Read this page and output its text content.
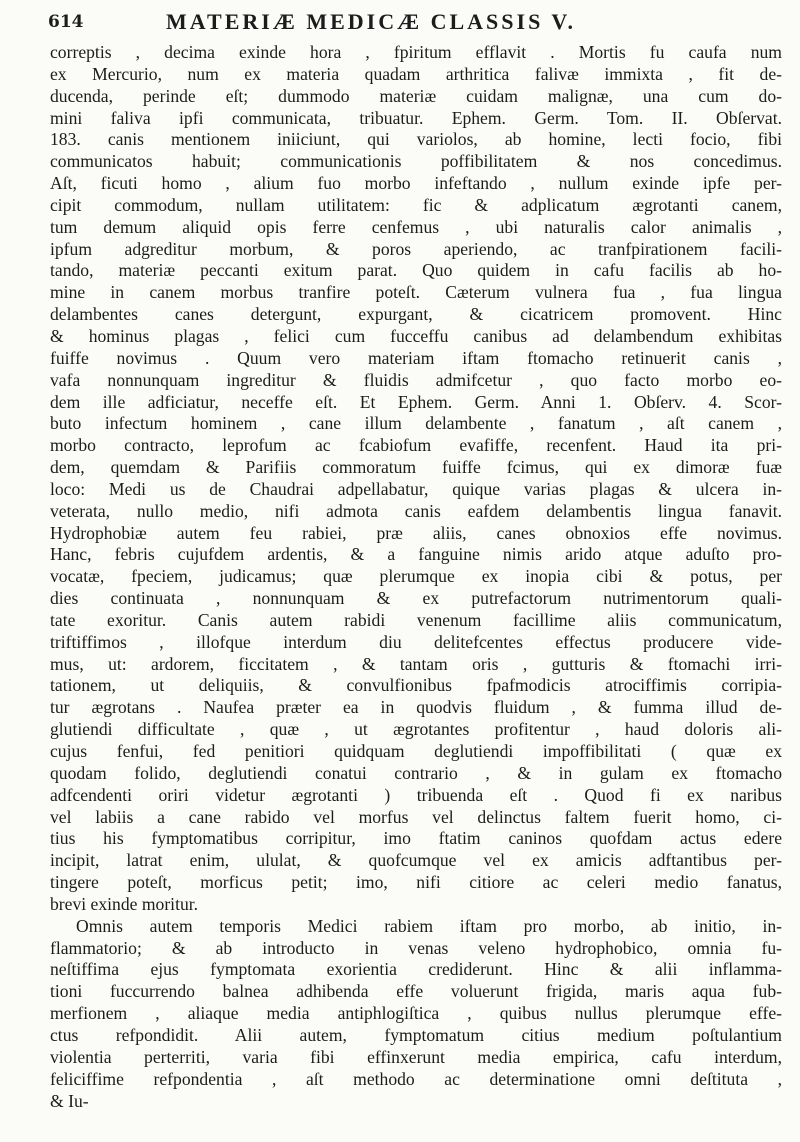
614	MATERIÆ MEDICÆ CLASSIS V.
correptis , decima exinde hora , fpiritum efflavit . Mortis fu caufa num
ex Mercurio, num ex materia quadam arthritica falivæ immixta , fit de-
ducenda, perinde eſt; dummodo materiæ cuidam malignæ, una cum do-
mini faliva ipfi communicata, tribuatur. Ephem. Germ. Tom. II. Obſervat.
183. canis mentionem iniiciunt, qui variolos, ab homine, lecti focio, fibi
communicatos habuit; communicationis poffibilitatem & nos concedimus.
Aſt, ficuti homo , alium fuo morbo infeftando , nullum exinde ipfe per-
cipit commodum, nullam utilitatem: fic & adplicatum ægrotanti canem,
tum demum aliquid opis ferre cenfemus , ubi naturalis calor animalis ,
ipfum adgreditur morbum, & poros aperiendo, ac tranfpirationem facili-
tando, materiæ peccanti exitum parat. Quo quidem in cafu facilis ab ho-
mine in canem morbus tranfire poteſt. Cæterum vulnera fua , fua lingua
delambentes canes detergunt, expurgant, & cicatricem promovent. Hinc
& hominus plagas , felici cum fucceffu canibus ad delambendum exhibitas
fuiffe novimus . Quum vero materiam iftam ftomacho retinuerit canis ,
vafa nonnunquam ingreditur & fluidis admifcetur , quo facto morbo eo-
dem ille adficiatur, neceffe eſt. Et Ephem. Germ. Anni 1. Obſerv. 4. Scor-
buto infectum hominem , cane illum delambente , fanatum , aſt canem ,
morbo contracto, leprofum ac fcabiofum evafiffe, recenfent. Haud ita pri-
dem, quemdam & Parifiis commoratum fuiffe fcimus, qui ex dimoræ fuæ
loco: Medi us de Chaudrai adpellabatur, quique varias plagas & ulcera in-
veterata, nullo medio, nifi admota canis eafdem delambentis lingua fanavit.
Hydrophobiæ autem feu rabiei, præ aliis, canes obnoxios effe novimus.
Hanc, febris cujufdem ardentis, & a fanguine nimis arido atque aduſto pro-
vocatæ, fpeciem, judicamus; quæ plerumque ex inopia cibi & potus, per
dies continuata , nonnunquam & ex putrefactorum nutrimentorum quali-
tate exoritur. Canis autem rabidi venenum facillime aliis communicatum,
triftiffimos , illofque interdum diu delitefcentes effectus producere vide-
mus, ut: ardorem, ficcitatem , & tantam oris , gutturis & ftomachi irri-
tationem, ut deliquiis, & convulfionibus fpafmodicis atrociffimis corripia-
tur ægrotans . Naufea præter ea in quodvis fluidum , & fumma illud de-
glutiendi difficultate , quæ , ut ægrotantes profitentur , haud doloris ali-
cujus fenfui, fed penitiori quidquam deglutiendi impoffibilitati ( quæ ex
quodam folido, deglutiendi conatui contrario , & in gulam ex ftomacho
adfcendenti oriri videtur ægrotanti ) tribuenda eſt . Quod fi ex naribus
vel labiis a cane rabido vel morfus vel delinctus faltem fuerit homo, ci-
tius his fymptomatibus corripitur, imo ftatim caninos quofdam actus edere
incipit, latrat enim, ululat, & quofcumque vel ex amicis adftantibus per-
tingere poteſt, morficus petit; imo, nifi citiore ac celeri medio fanatus,
brevi exinde moritur.
Omnis autem temporis Medici rabiem iftam pro morbo, ab initio, in-
flammatorio; & ab introducto in venas veleno hydrophobico, omnia fu-
neſtiffima ejus fymptomata exorientia crediderunt. Hinc & alii inflamma-
tioni fuccurrendo balnea adhibenda effe voluerunt frigida, maris aqua fub-
merfionem , aliaque media antiphlogiſtica , quibus nullus plerumque effe-
ctus refpondidit. Alii autem, fymptomatum citius medium poſtulantium
violentia perterriti, varia fibi effinxerunt media empirica, cafu interdum,
feliciffime refpondentia , aſt methodo ac determinatione omni deſtituta ,
& Iu-
